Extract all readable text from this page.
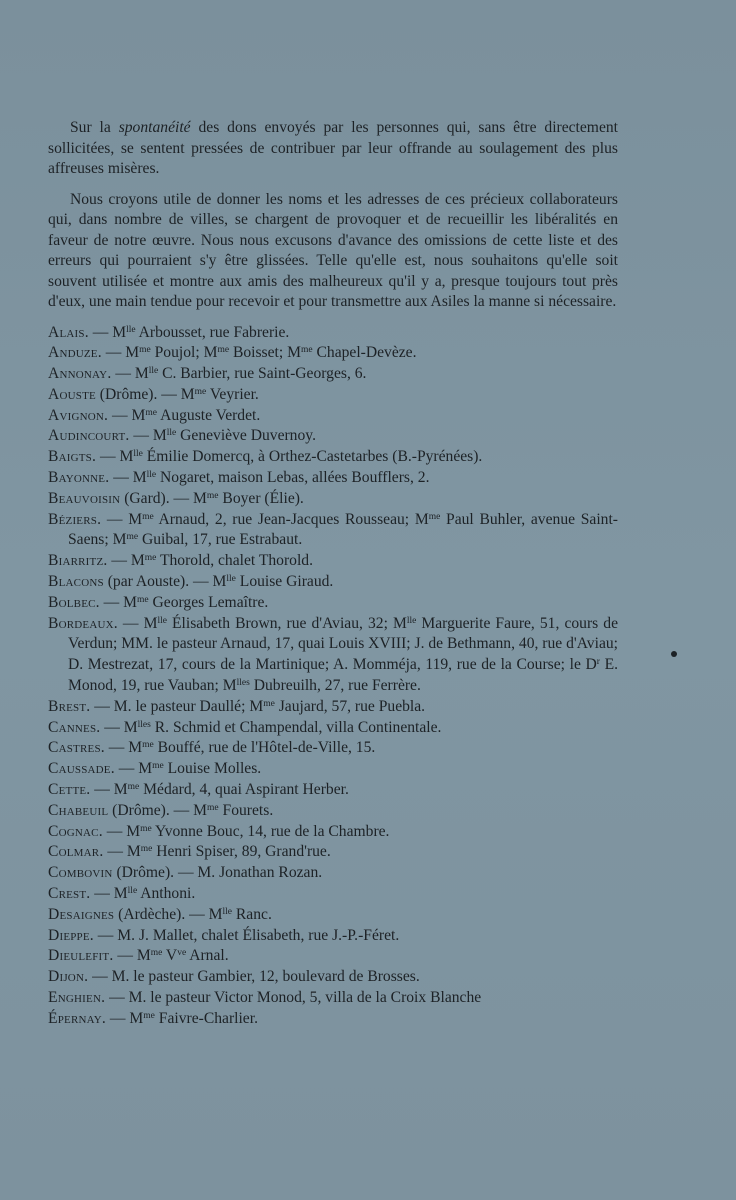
Sur la spontanéité des dons envoyés par les personnes qui, sans être directement sollicitées, se sentent pressées de contribuer par leur offrande au soulagement des plus affreuses misères.

Nous croyons utile de donner les noms et les adresses de ces précieux collaborateurs qui, dans nombre de villes, se chargent de provoquer et de recueillir les libéralités en faveur de notre œuvre. Nous nous excusons d'avance des omissions de cette liste et des erreurs qui pourraient s'y être glissées. Telle qu'elle est, nous souhaitons qu'elle soit souvent utilisée et montre aux amis des malheureux qu'il y a, presque toujours tout près d'eux, une main tendue pour recevoir et pour transmettre aux Asiles la manne si nécessaire.

Alais. — $M^{lle}$ Arbousset, rue Fabrerie.

Anduze. — $M^{me}$ Poujol; $M^{me}$ Boisset; $M^{me}$ Chapel-Devèze.

Annonay. — $M^{lle}$ C. Barbier, rue Saint-Georges, 6.

Aouste (Drôme). — $M^{me}$ Veyrier.

Avignon. — $M^{me}$ Auguste Verdet.

Audincourt. — $M^{lle}$ Geneviève Duvernoy.

Baigts. — $M^{lle}$ Émilie Domercq, à Orthez-Castetarbes (B.-Pyrénées).

Bayonne. — $M^{lle}$ Nogaret, maison Lebas, allées Boufflers, 2.

Beauvoisin (Gard). — $M^{me}$ Boyer (Élie).

Béziers. — $M^{me}$ Arnaud, 2, rue Jean-Jacques Rousseau; $M^{me}$ Paul Buhler, avenue Saint-Saens; $M^{me}$ Guibal, 17, rue Estrabaut.

Biarritz. — $M^{me}$ Thorold, chalet Thorold.

Blacons (par Aouste). — $M^{lle}$ Louise Giraud.

Bolbec. — $M^{me}$ Georges Lemaître.

Bordeaux. — $M^{lle}$ Élisabeth Brown, rue d'Aviau, 32; $M^{lle}$ Marguerite Faure, 51, cours de Verdun; MM. le pasteur Arnaud, 17, quai Louis XVIII; J. de Bethmann, 40, rue d'Aviau; D. Mestrezat, 17, cours de la Martinique; A. Momméja, 119, rue de la Course; le $D^r$ E. Monod, 19, rue Vauban; $M^{lles}$ Dubreuilh, 27, rue Ferrère.

Brest. — M. le pasteur Daullé; $M^{me}$ Jaujard, 57, rue Puebla.

Cannes. — $M^{lles}$ R. Schmid et Champendal, villa Continentale.

Castres. — $M^{me}$ Bouffé, rue de l'Hôtel-de-Ville, 15.

Caussade. — $M^{me}$ Louise Molles.

Cette. — $M^{me}$ Médard, 4, quai Aspirant Herber.

Chabeuil (Drôme). — $M^{me}$ Fourets.

Cognac. — $M^{me}$ Yvonne Bouc, 14, rue de la Chambre.

Colmar. — $M^{me}$ Henri Spiser, 89, Grand'rue.

Combovin (Drôme). — M. Jonathan Rozan.

Crest. — $M^{lle}$ Anthoni.

Desaignes (Ardèche). — $M^{lle}$ Ranc.

Dieppe. — M. J. Mallet, chalet Élisabeth, rue J.-P.-Féret.

Dieulefit. — $M^{me}$ $V^{ve}$ Arnal.

Dijon. — M. le pasteur Gambier, 12, boulevard de Brosses.

Enghien. — M. le pasteur Victor Monod, 5, villa de la Croix Blanche

Épernay. — $M^{me}$ Faivre-Charlier.
